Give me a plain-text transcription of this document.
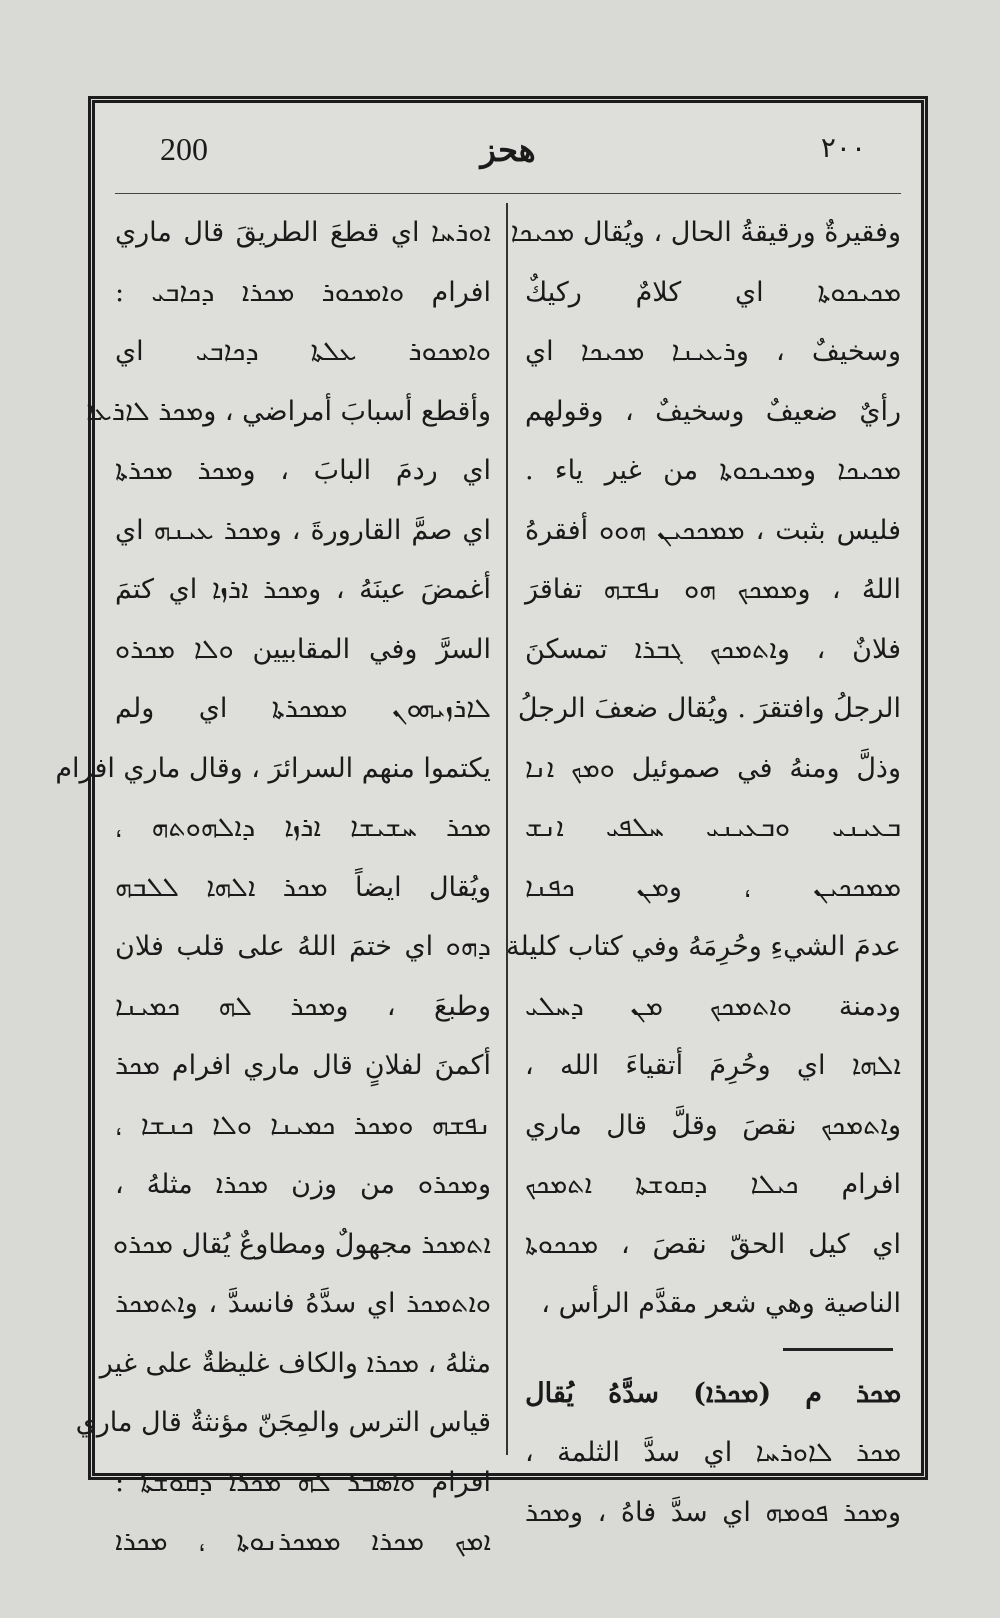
200	هحز	۲۰۰
وفقيرةٌ ورقيقةُ الحال ، ويُقال ܡܟܝܟܐ
ܡܟܝܟܘܬܐ اي كلامٌ ركيكٌ
وسخيفٌ ، وܪܥܝܢܐ ܡܟܝܟܐ اي
رأيٌ ضعيفٌ وسخيفٌ ، وقولهم
ܡܟܝܟܐ وܡܟܝܟܘܬܐ من غير ياء .
فليس بثبت ، ܡܡܟܟܝܢ ܗܘܘ أفقرهُ
اللهُ ، وܡܡܟܟ ܗܘ ܢܦܫܗ تفاقرَ
فلانٌ ، وܐܬܡܟܟ ܓܒܪܐ تمسكنَ
الرجلُ وافتقرَ . ويُقال ضعفَ الرجلُ
وذلَّ ومنهُ في صموئيل ܘܡܟ ܐܢܐ
ܒܥܝܢܝ ܘܒܥܝܢܝ ܚܠܦܝ ܐܢܫ
ܡܡܟܟܝܢ ، وܡܢ ܟܦܢܐ
عدمَ الشيءِ وحُرِمَهُ وفي كتاب كليلة
ودمنة ܘܐܬܡܟܟ ܡܢ ܕܚܠܝ
ܐܠܗܐ اي وحُرِمَ أتقياءَ الله ،
وܐܬܡܟܟ نقصَ وقلَّ قال ماري
افرام ܟܝܠܐ ܕܩܘܫܬܐ ܐܬܡܟܟ
اي كيل الحقّ نقصَ ، ܡܟܟܘܬܐ
الناصية وهي شعر مقدَّم الرأس ،
ܡܟܪ م (ܡܟܪܐ) سدَّهُ يُقال
ܡܟܪ ܠܐܘܪܚܐ اي سدَّ الثلمة ،
وܡܟܪ ܦܘܡܗ اي سدَّ فاهُ ، وܡܟܪ
ܐܘܪܚܐ اي قطعَ الطريقَ قال ماري
افرام ܘܐܡܟܘܪ ܡܟܪܐ ܕܟܐܒܝ :
ܘܐܡܟܘܪ ܥܠܬܐ ܕܟܐܒܝ اي
وأقطع أسبابَ أمراضي ، وܡܟܪ ܠܐܪܥܐ
اي ردمَ البابَ ، وܡܟܪ ܡܟܪܬܐ
اي صمَّ القارورةَ ، وܡܟܪ ܥܝܢܗ اي
أغمضَ عينَهُ ، وܡܟܪ ܐܪܙܐ اي كتمَ
السرَّ وفي المقابيين ܘܠܐ ܡܟܪܘ
ܠܐܪܙܝܗܘܢ ܡܡܟܪܬܐ اي ولم
يكتموا منهم السرائرَ ، وقال ماري افرام
ܡܟܪ ܚܫܝܫܐ ܐܪܙܐ ܕܐܠܗܘܬܗ ،
ويُقال ايضاً ܡܟܪ ܐܠܗܐ ܠܠܒܗ
ܕܗܘ اي ختمَ اللهُ على قلب فلان
وطبعَ ، وܡܟܪ ܠܗ ܟܡܝܢܐ
أكمنَ لفلانٍ قال ماري افرام ܡܟܪ
ܢܦܫܗ ܘܡܟܪ ܟܡܝܢܐ ܘܠܐ ܟܢܫܐ ،
وܡܟܪܘ من وزن ܡܟܪܐ مثلهُ ،
ܐܬܡܟܪ مجهولٌ ومطاوعٌ يُقال ܡܟܪܘ
ܘܐܬܡܟܪ اي سدَّهُ فانسدَّ ، وܐܬܡܟܪ
مثلهُ ، ܡܟܪܐ والكاف غليظةٌ على غير
قياس الترس والمِجَنّ مؤنثةٌ قال ماري
افرام ܘܐܣܒܪ ܠܗ ܡܟܪܐ ܕܩܘܫܬܐ :
ܐܡܟ ܡܟܪܐ ܡܡܟܪܢܘܬܐ ، ܡܟܪܐ
